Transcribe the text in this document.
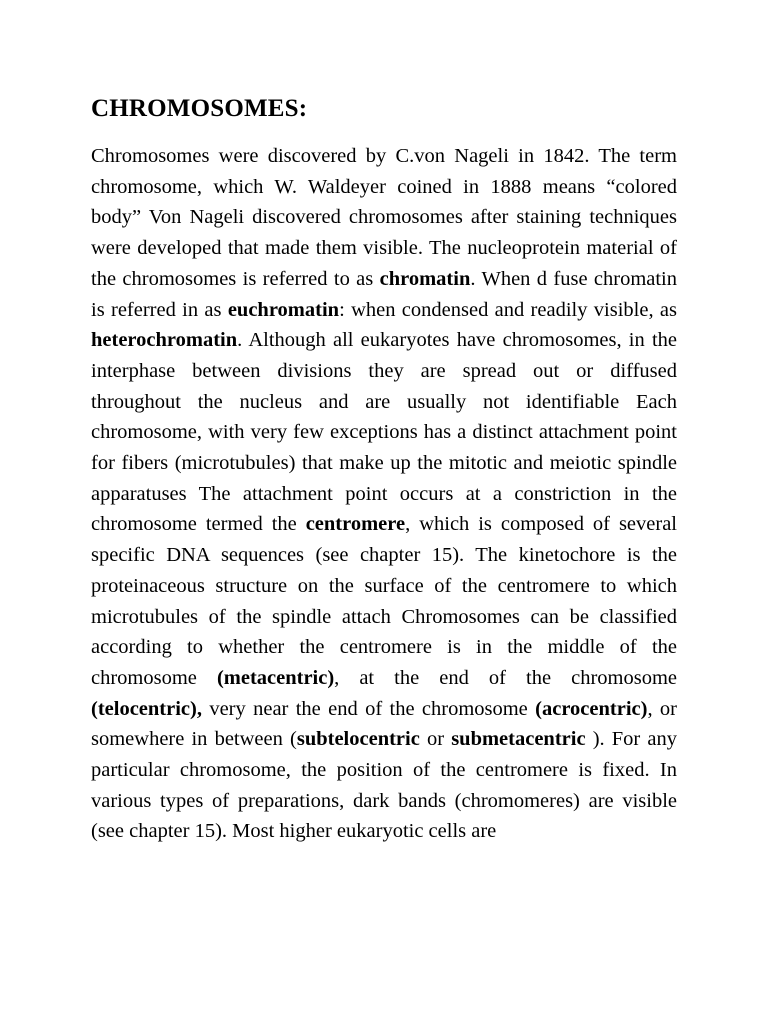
CHROMOSOMES:

Chromosomes were discovered by C.von Nageli in 1842. The term chromosome, which W. Waldeyer coined in 1888 means “colored body” Von Nageli discovered chromosomes after staining techniques were developed that made them visible. The nucleoprotein material of the chromosomes is referred to as chromatin. When d fuse chromatin is referred in as euchromatin: when condensed and readily visible, as heterochromatin. Although all eukaryotes have chromosomes, in the interphase between divisions they are spread out or diffused throughout the nucleus and are usually not identifiable Each chromosome, with very few exceptions has a distinct attachment point for fibers (microtubules) that make up the mitotic and meiotic spindle apparatuses The attachment point occurs at a constriction in the chromosome termed the centromere, which is composed of several specific DNA sequences (see chapter 15). The kinetochore is the proteinaceous structure on the surface of the centromere to which microtubules of the spindle attach Chromosomes can be classified according to whether the centromere is in the middle of the chromosome (metacentric), at the end of the chromosome (telocentric), very near the end of the chromosome (acrocentric), or somewhere in between (subtelocentric or submetacentric ). For any particular chromosome, the position of the centromere is fixed. In various types of preparations, dark bands (chromomeres) are visible (see chapter 15). Most higher eukaryotic cells are
